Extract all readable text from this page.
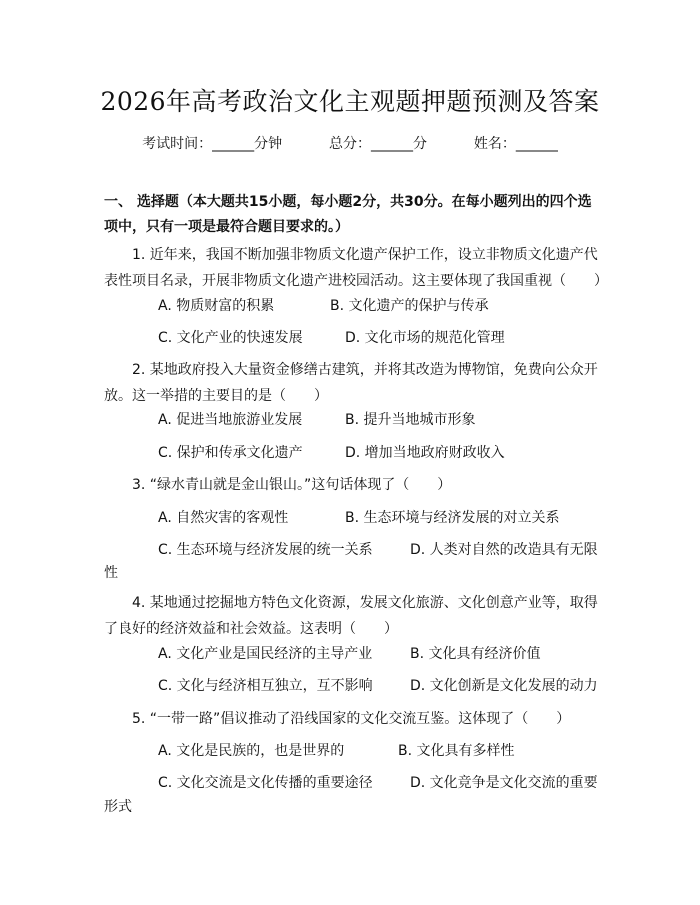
2026年高考政治文化主观题押题预测及答案
考试时间：______分钟	总分：______分	姓名：______
一、 选择题（本大题共15小题，每小题2分，共30分。在每小题列出的四个选项中，只有一项是最符合题目要求的。）
1. 近年来，我国不断加强非物质文化遗产保护工作，设立非物质文化遗产代表性项目名录，开展非物质文化遗产进校园活动。这主要体现了我国重视（　　）
A. 物质财富的积累	B. 文化遗产的保护与传承
C. 文化产业的快速发展	D. 文化市场的规范化管理
2. 某地政府投入大量资金修缮古建筑，并将其改造为博物馆，免费向公众开放。这一举措的主要目的是（　　）
A. 促进当地旅游业发展	B. 提升当地城市形象
C. 保护和传承文化遗产	D. 增加当地政府财政收入
3. “绿水青山就是金山银山。”这句话体现了（　　）
A. 自然灾害的客观性	B. 生态环境与经济发展的对立关系
C. 生态环境与经济发展的统一关系	D. 人类对自然的改造具有无限
性
4. 某地通过挖掘地方特色文化资源，发展文化旅游、文化创意产业等，取得了良好的经济效益和社会效益。这表明（　　）
A. 文化产业是国民经济的主导产业	B. 文化具有经济价值
C. 文化与经济相互独立，互不影响	D. 文化创新是文化发展的动力
5. “一带一路”倡议推动了沿线国家的文化交流互鉴。这体现了（　　）
A. 文化是民族的，也是世界的	B. 文化具有多样性
C. 文化交流是文化传播的重要途径	D. 文化竞争是文化交流的重要
形式
